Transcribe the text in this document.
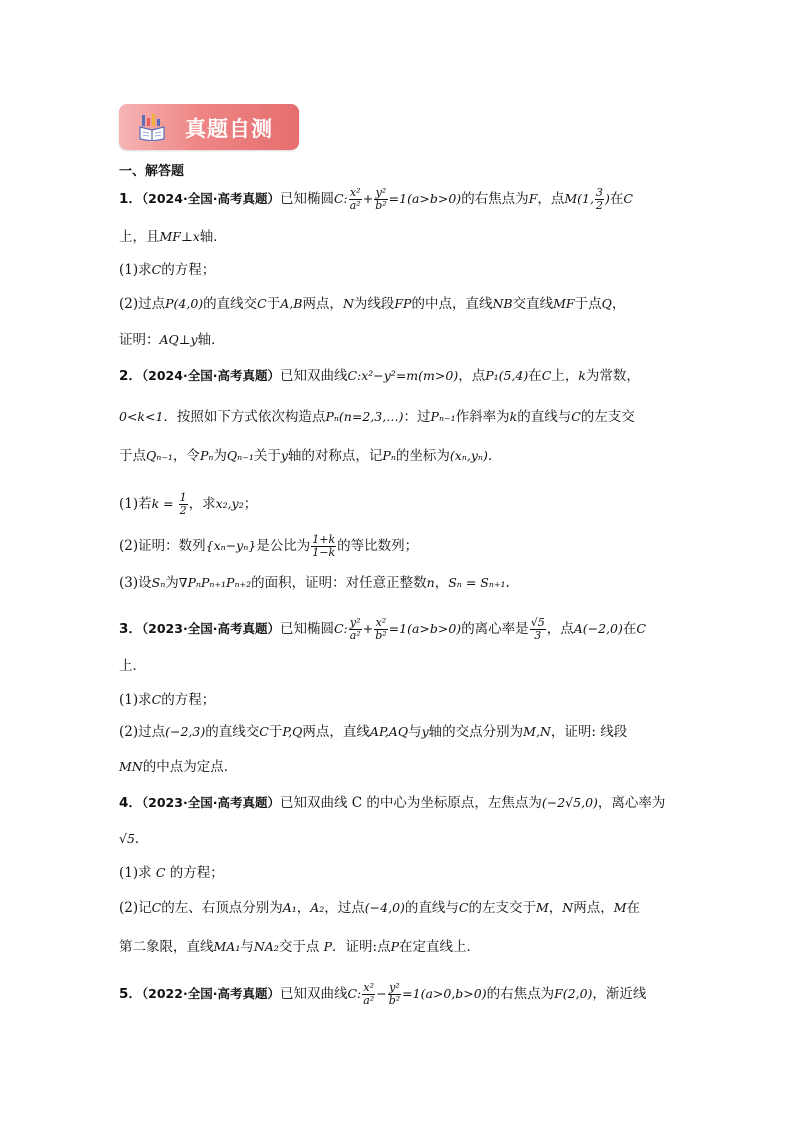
真题自测
一、解答题
1．（2024·全国·高考真题）已知椭圆C: $\frac{\text{x²}}{\text{a²}} + \frac{\text{y²}}{\text{b²}} =1(a>b>0)$的右焦点为F，点M(1, $\frac{3}{2}$ )在C
上，且MF⊥x轴．
(1)求C的方程；
(2)过点P(4,0)的直线交C于A,B两点，N为线段FP的中点，直线NB交直线MF于点Q，
证明：AQ⊥y轴．
2．（2024·全国·高考真题）已知双曲线C:x²−y²=m(m>0)，点P₁(5,4)在C上，k为常数，
0<k<1．按照如下方式依次构造点Pₙ(n=2,3,…)：过Pₙ₋₁作斜率为k的直线与C的左支交
于点Qₙ₋₁，令Pₙ为Qₙ₋₁关于y轴的对称点，记Pₙ的坐标为(xₙ,yₙ).
(1)若$k = \frac{1}{2}$ ，求x₂,y₂；
(2)证明：数列{xₙ−yₙ}是公比为 $\frac{1+k}{1-k}$ 的等比数列；
(3)设Sₙ为∇PₙPₙ₊₁Pₙ₊₂的面积，证明：对任意正整数n，Sₙ = Sₙ₊₁.
3．（2023·全国·高考真题）已知椭圆C: $\frac{\text{y²}}{\text{a²}} + \frac{\text{x²}}{\text{b²}} =1(a>b>0)$的离心率是 $\frac{√5}{3}$ ，点A(−2,0)在C
上．
(1)求C的方程；
(2)过点(−2,3)的直线交C于P,Q两点，直线AP,AQ与y轴的交点分别为M,N，证明: 线段
MN的中点为定点．
4．（2023·全国·高考真题）已知双曲线 C 的中心为坐标原点，左焦点为(−2√5,0)，离心率为
√5．
(1)求 C 的方程；
(2)记C的左、右顶点分别为A₁，A₂，过点(−4,0)的直线与C的左支交于M，N两点，M在
第二象限，直线MA₁与NA₂交于点 P．证明:点P在定直线上．
5．（2022·全国·高考真题）已知双曲线C: $\frac{\text{x²}}{\text{a²}} - \frac{\text{y²}}{\text{b²}} =1(a>0,b>0)$的右焦点为F(2,0)，渐近线
